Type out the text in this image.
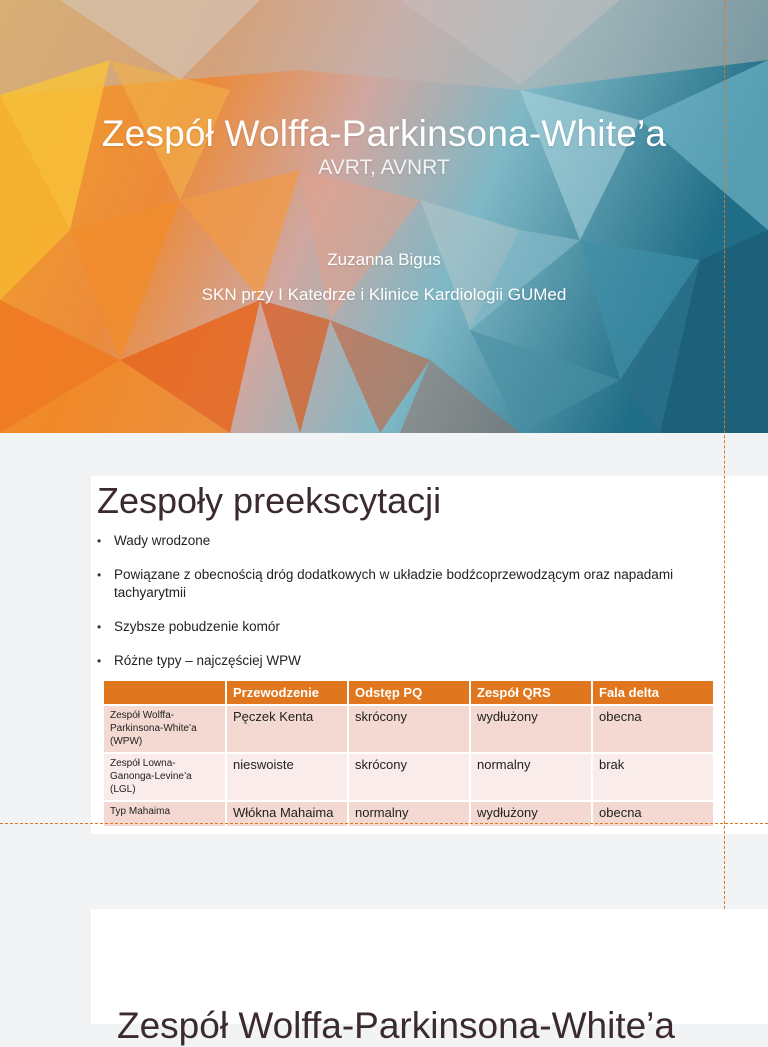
Zespół Wolffa-Parkinsona-White’a
AVRT, AVNRT
Zuzanna Bigus
SKN przy I Katedrze i Klinice Kardiologii GUMed
Zespoły preekscytacji
• Wady wrodzone
• Powiązane z obecnością dróg dodatkowych w układzie bodźcoprzewodzącym oraz napadami tachyarytmii
• Szybsze pobudzenie komór
• Różne typy – najczęściej WPW
	Przewodzenie	Odstęp PQ	Zespół QRS	Fala delta
Zespół Wolffa-Parkinsona-White’a (WPW)	Pęczek Kenta	skrócony	wydłużony	obecna
Zespół Lowna-Ganonga-Levine’a (LGL)	nieswoiste	skrócony	normalny	brak
Typ Mahaima	Włókna Mahaima	normalny	wydłużony	obecna
Zespół Wolffa-Parkinsona-White’a
